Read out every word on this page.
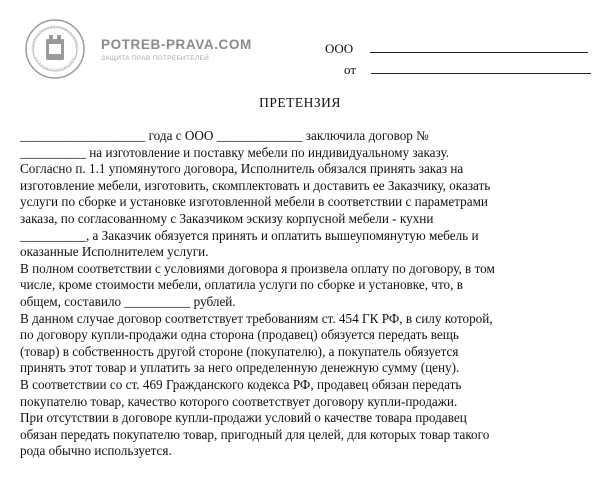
POTREB-PRAVA.COM
ЗАЩИТА ПРАВ ПОТРЕБИТЕЛЕЙ
ООО
от
ПРЕТЕНЗИЯ
___________________ года с ООО _____________ заключила договор №
__________ на изготовление и поставку мебели по индивидуальному заказу.
Согласно п. 1.1 упомянутого договора, Исполнитель обязался принять заказ на
изготовление мебели, изготовить, скомплектовать и доставить ее Заказчику, оказать
услуги по сборке и установке изготовленной мебели в соответствии с параметрами
заказа, по согласованному с Заказчиком эскизу корпусной мебели - кухни
__________, а Заказчик обязуется принять и оплатить вышеупомянутую мебель и
оказанные Исполнителем услуги.
В полном соответствии с условиями договора я произвела оплату по договору, в том
числе, кроме стоимости мебели, оплатила услуги по сборке и установке, что, в
общем, составило __________ рублей.
В данном случае договор соответствует требованиям ст. 454 ГК РФ, в силу которой,
по договору купли-продажи одна сторона (продавец) обязуется передать вещь
(товар) в собственность другой стороне (покупателю), а покупатель обязуется
принять этот товар и уплатить за него определенную денежную сумму (цену).
В соответствии со ст. 469 Гражданского кодекса РФ, продавец обязан передать
покупателю товар, качество которого соответствует договору купли-продажи.
При отсутствии в договоре купли-продажи условий о качестве товара продавец
обязан передать покупателю товар, пригодный для целей, для которых товар такого
рода обычно используется.
